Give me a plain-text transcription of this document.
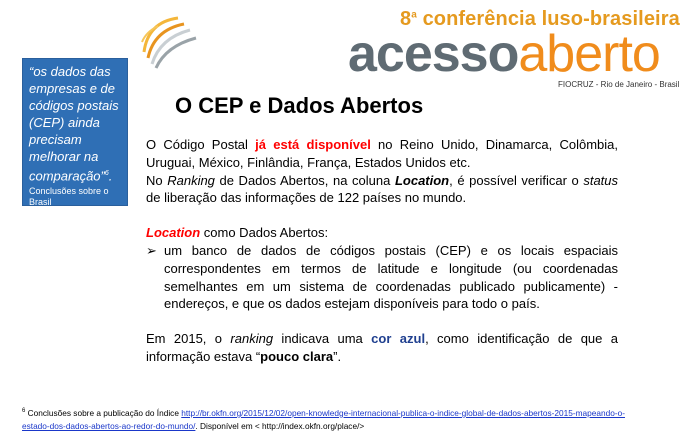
8$^a$ conferência luso-brasileira
acessoaberto
FIOCRUZ - Rio de Janeiro - Brasil
“os dados das empresas e de códigos postais (CEP) ainda precisam melhorar na comparação”$^6$.
Conclusões sobre o Brasil
O CEP e Dados Abertos

O Código Postal já está disponível no Reino Unido, Dinamarca, Colômbia, Uruguai, México, Finlândia, França, Estados Unidos etc.

No Ranking de Dados Abertos, na coluna Location, é possível verificar o status de liberação das informações de 122 países no mundo.

Location como Dados Abertos:

➢ um banco de dados de códigos postais (CEP) e os locais espaciais correspondentes em termos de latitude e longitude (ou coordenadas semelhantes em um sistema de coordenadas publicado publicamente) - endereços, e que os dados estejam disponíveis para todo o país.

Em 2015, o ranking indicava uma cor azul, como identificação de que a informação estava “pouco clara”.

$^6$ Conclusões sobre a publicação do Índice http://br.okfn.org/2015/12/02/open-knowledge-internacional-publica-o-indice-global-de-dados-abertos-2015-mapeando-o-estado-dos-dados-abertos-ao-redor-do-mundo/. Disponível em < http://index.okfn.org/place/>
